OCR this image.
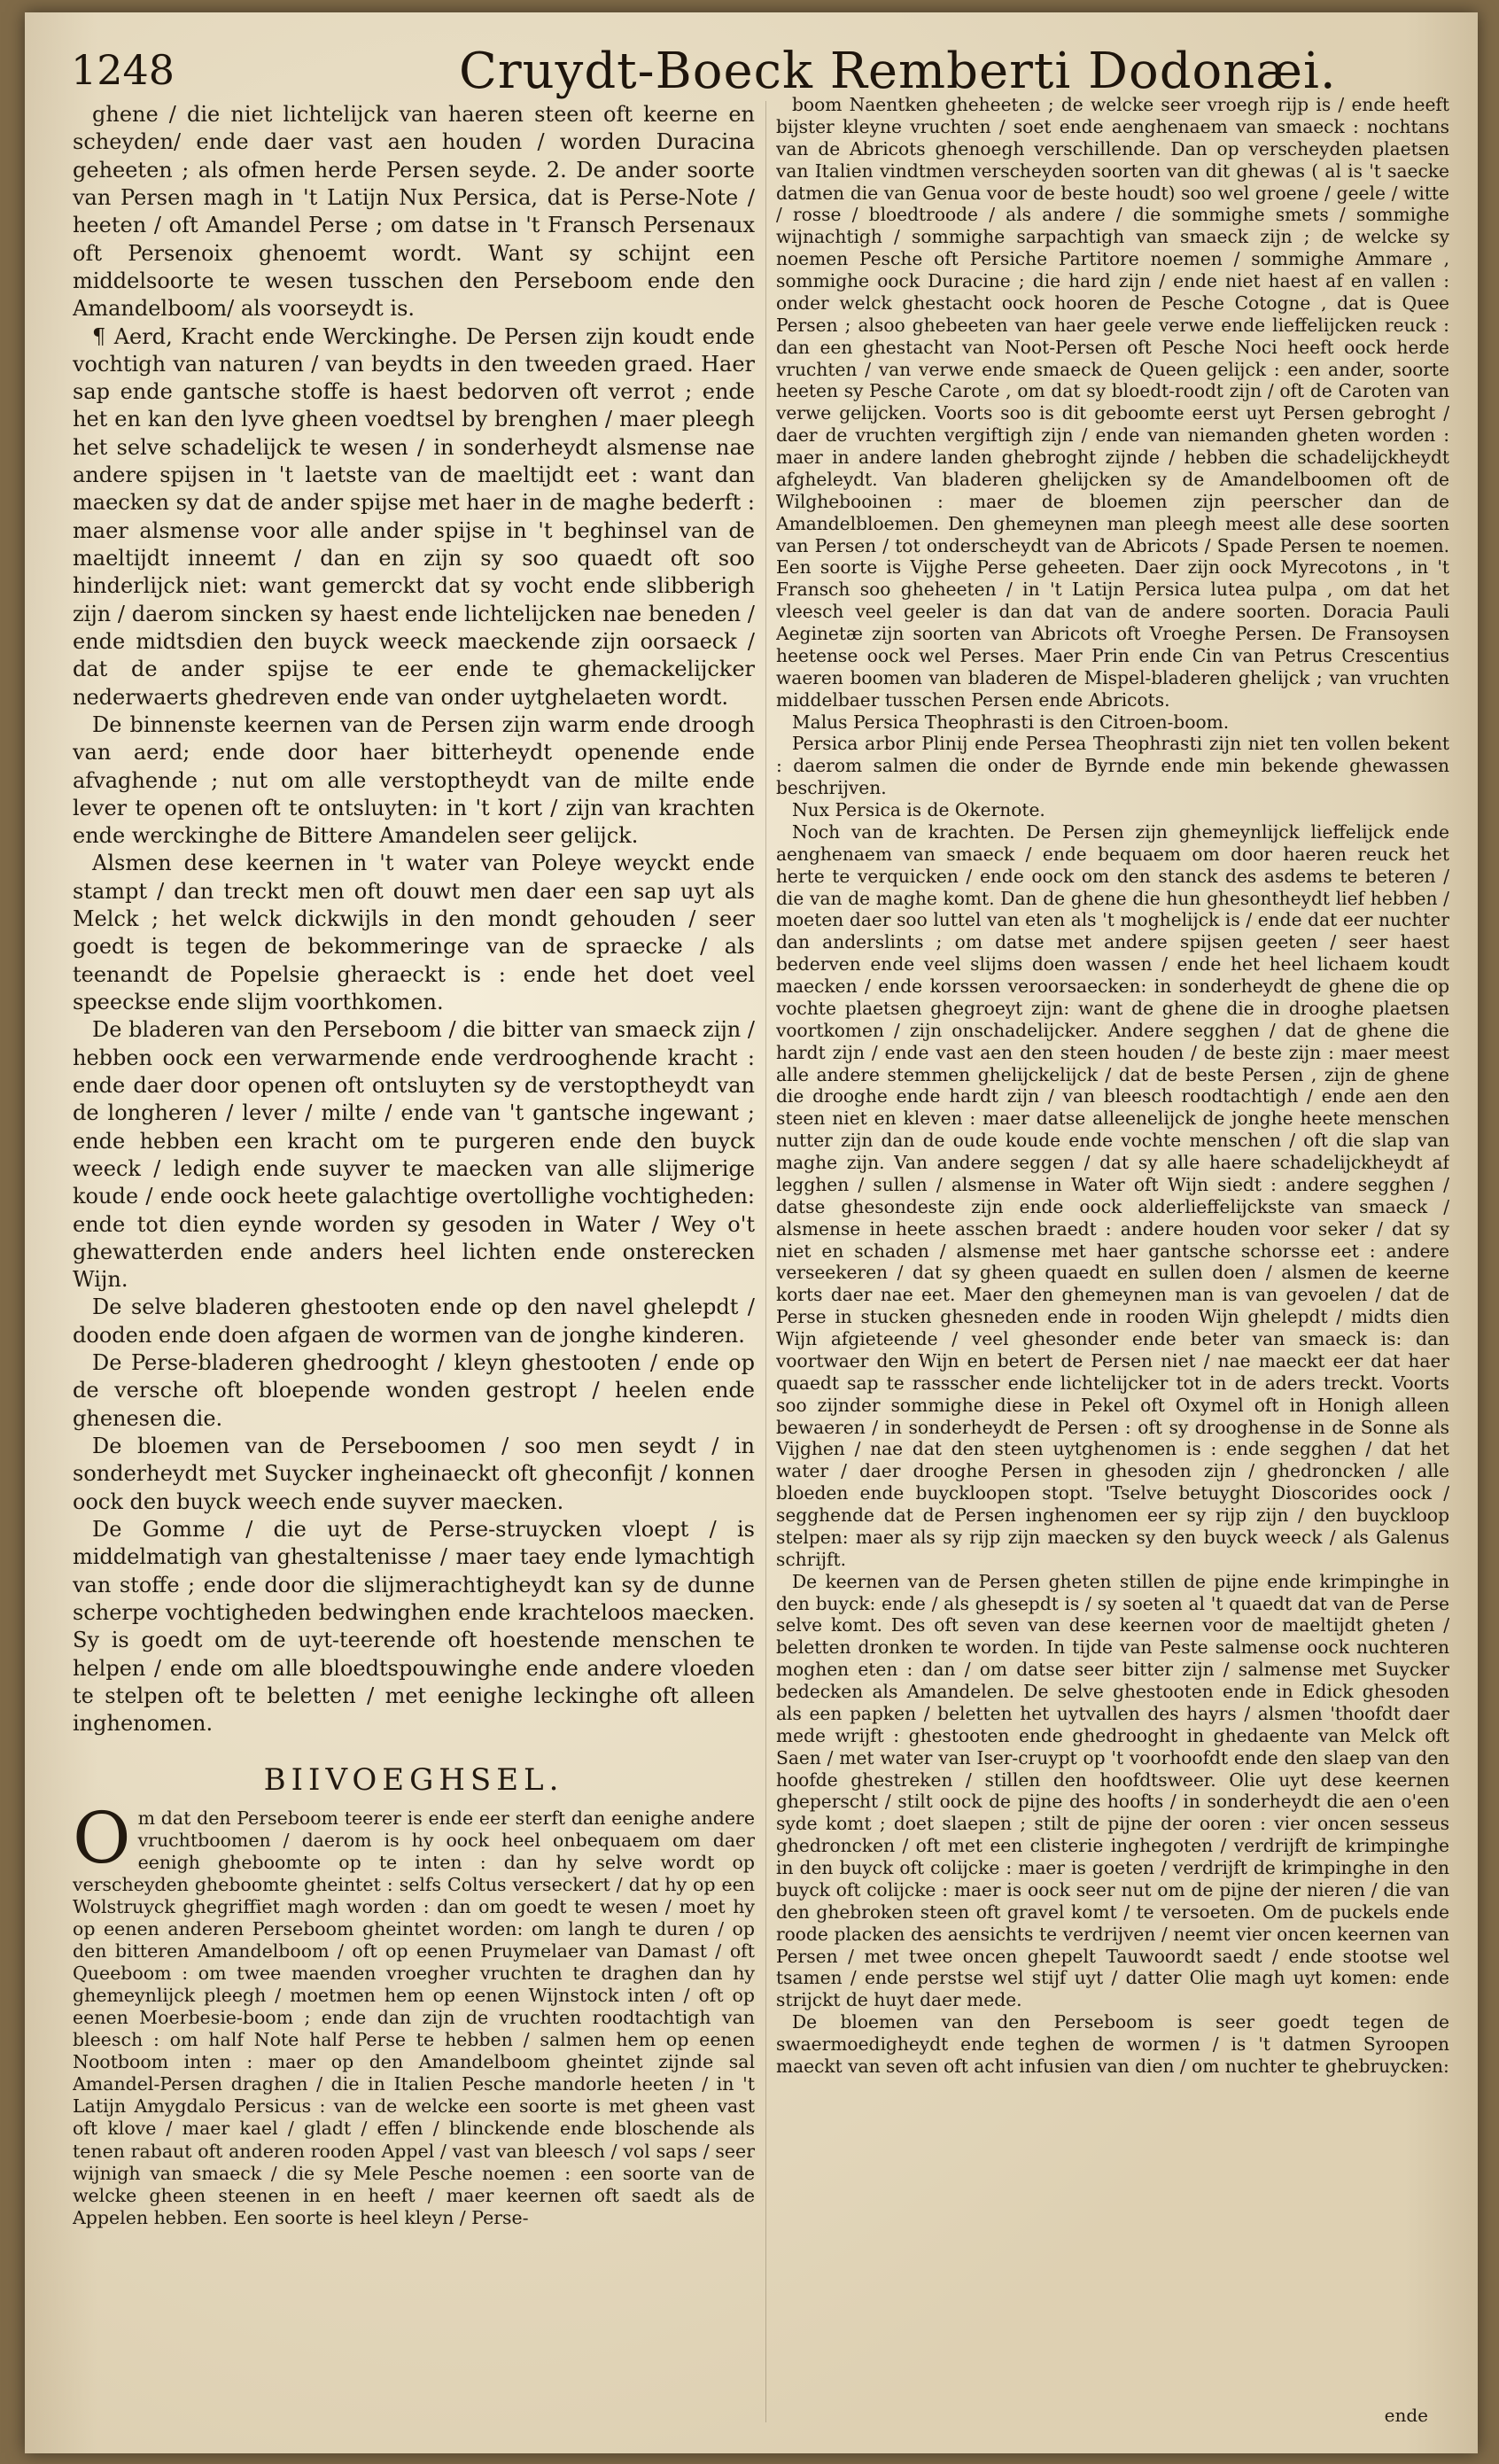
1248	Cruydt-Boeck Remberti Dodonæi.

ghene / die niet lichtelijck van haeren steen oft keerne en scheyden/ ende daer vast aen houden / worden Duracina geheeten ; als ofmen herde Persen seyde. 2. De ander soorte van Persen magh in 't Latijn Nux Persica, dat is Perse-Note / heeten / oft Amandel Perse ; om datse in 't Fransch Persenaux oft Persenoix ghenoemt wordt. Want sy schijnt een middelsoorte te wesen tusschen den Perseboom ende den Amandelboom/ als voorseydt is.

¶ Aerd, Kracht ende Werckinghe. De Persen zijn koudt ende vochtigh van naturen / van beydts in den tweeden graed. Haer sap ende gantsche stoffe is haest bedorven oft verrot ; ende het en kan den lyve gheen voedtsel by brenghen / maer pleegh het selve schadelijck te wesen / in sonderheydt alsmense nae andere spijsen in 't laetste van de maeltijdt eet : want dan maecken sy dat de ander spijse met haer in de maghe bederft : maer alsmense voor alle ander spijse in 't beghinsel van de maeltijdt inneemt / dan en zijn sy soo quaedt oft soo hinderlijck niet: want gemerckt dat sy vocht ende slibberigh zijn / daerom sincken sy haest ende lichtelijcken nae beneden / ende midtsdien den buyck weeck maeckende zijn oorsaeck / dat de ander spijse te eer ende te ghemackelijcker nederwaerts ghedreven ende van onder uytghelaeten wordt.

De binnenste keernen van de Persen zijn warm ende droogh van aerd; ende door haer bitterheydt openende ende afvaghende ; nut om alle verstoptheydt van de milte ende lever te openen oft te ontsluyten: in 't kort / zijn van krachten ende werckinghe de Bittere Amandelen seer gelijck.

Alsmen dese keernen in 't water van Poleye weyckt ende stampt / dan treckt men oft douwt men daer een sap uyt als Melck ; het welck dickwijls in den mondt gehouden / seer goedt is tegen de bekommeringe van de spraecke / als teenandt de Popelsie gheraeckt is : ende het doet veel speeckse ende slijm voorthkomen.

De bladeren van den Perseboom / die bitter van smaeck zijn / hebben oock een verwarmende ende verdrooghende kracht : ende daer door openen oft ontsluyten sy de verstoptheydt van de longheren / lever / milte / ende van 't gantsche ingewant ; ende hebben een kracht om te purgeren ende den buyck weeck / ledigh ende suyver te maecken van alle slijmerige koude / ende oock heete galachtige overtollighe vochtigheden: ende tot dien eynde worden sy gesoden in Water / Wey o't ghewatterden ende anders heel lichten ende onsterecken Wijn.

De selve bladeren ghestooten ende op den navel ghelepdt / dooden ende doen afgaen de wormen van de jonghe kinderen.

De Perse-bladeren ghedrooght / kleyn ghestooten / ende op de versche oft bloepende wonden gestropt / heelen ende ghenesen die.

De bloemen van de Perseboomen / soo men seydt / in sonderheydt met Suycker ingheinaeckt oft gheconfijt / konnen oock den buyck weech ende suyver maecken.

De Gomme / die uyt de Perse-struycken vloept / is middelmatigh van ghestaltenisse / maer taey ende lymachtigh van stoffe ; ende door die slijmerachtigheydt kan sy de dunne scherpe vochtigheden bedwinghen ende krachteloos maecken. Sy is goedt om de uyt-teerende oft hoestende menschen te helpen / ende om alle bloedtspouwinghe ende andere vloeden te stelpen oft te beletten / met eenighe leckinghe oft alleen inghenomen.

BIIVOEGHSEL.

Om dat den Perseboom teerer is ende eer sterft dan eenighe andere vruchtboomen / daerom is hy oock heel onbequaem om daer eenigh gheboomte op te inten : dan hy selve wordt op verscheyden gheboomte gheintet : selfs Coltus verseckert / dat hy op een Wolstruyck ghegriffiet magh worden : dan om goedt te wesen / moet hy op eenen anderen Perseboom gheintet worden: om langh te duren / op den bitteren Amandelboom / oft op eenen Pruymelaer van Damast / oft Queeboom : om twee maenden vroegher vruchten te draghen dan hy ghemeynlijck pleegh / moetmen hem op eenen Wijnstock inten / oft op eenen Moerbesie-boom ; ende dan zijn de vruchten roodtachtigh van bleesch : om half Note half Perse te hebben / salmen hem op eenen Nootboom inten : maer op den Amandelboom gheintet zijnde sal Amandel-Persen draghen / die in Italien Pesche mandorle heeten / in 't Latijn Amygdalo Persicus : van de welcke een soorte is met gheen vast oft klove / maer kael / gladt / effen / blinckende ende bloschende als tenen rabaut oft anderen rooden Appel / vast van bleesch / vol saps / seer wijnigh van smaeck / die sy Mele Pesche noemen : een soorte van de welcke gheen steenen in en heeft / maer keernen oft saedt als de Appelen hebben. Een soorte is heel kleyn / Perse-

boom Naentken gheheeten ; de welcke seer vroegh rijp is / ende heeft bijster kleyne vruchten / soet ende aenghenaem van smaeck : nochtans van de Abricots ghenoegh verschillende. Dan op verscheyden plaetsen van Italien vindtmen verscheyden soorten van dit ghewas ( al is 't saecke datmen die van Genua voor de beste houdt) soo wel groene / geele / witte / rosse / bloedtroode / als andere / die sommighe smets / sommighe wijnachtigh / sommighe sarpachtigh van smaeck zijn ; de welcke sy noemen Pesche oft Persiche Partitore noemen / sommighe Ammare , sommighe oock Duracine ; die hard zijn / ende niet haest af en vallen : onder welck ghestacht oock hooren de Pesche Cotogne , dat is Quee Persen ; alsoo ghebeeten van haer geele verwe ende lieffelijcken reuck : dan een ghestacht van Noot-Persen oft Pesche Noci heeft oock herde vruchten / van verwe ende smaeck de Queen gelijck : een ander, soorte heeten sy Pesche Carote , om dat sy bloedt-roodt zijn / oft de Caroten van verwe gelijcken. Voorts soo is dit geboomte eerst uyt Persen gebroght / daer de vruchten vergiftigh zijn / ende van niemanden gheten worden : maer in andere landen ghebroght zijnde / hebben die schadelijckheydt afgheleydt. Van bladeren ghelijcken sy de Amandelboomen oft de Wilghebooinen : maer de bloemen zijn peerscher dan de Amandelbloemen. Den ghemeynen man pleegh meest alle dese soorten van Persen / tot onderscheydt van de Abricots / Spade Persen te noemen. Een soorte is Vijghe Perse geheeten. Daer zijn oock Myrecotons , in 't Fransch soo gheheeten / in 't Latijn Persica lutea pulpa , om dat het vleesch veel geeler is dan dat van de andere soorten. Doracia Pauli Aeginetæ zijn soorten van Abricots oft Vroeghe Persen. De Fransoysen heetense oock wel Perses. Maer Prin ende Cin van Petrus Crescentius waeren boomen van bladeren de Mispel-bladeren ghelijck ; van vruchten middelbaer tusschen Persen ende Abricots.

Malus Persica Theophrasti is den Citroen-boom.

Persica arbor Plinij ende Persea Theophrasti zijn niet ten vollen bekent : daerom salmen die onder de Byrnde ende min bekende ghewassen beschrijven.

Nux Persica is de Okernote.

Noch van de krachten. De Persen zijn ghemeynlijck lieffelijck ende aenghenaem van smaeck / ende bequaem om door haeren reuck het herte te verquicken / ende oock om den stanck des asdems te beteren / die van de maghe komt. Dan de ghene die hun ghesontheydt lief hebben / moeten daer soo luttel van eten als 't moghelijck is / ende dat eer nuchter dan anderslints ; om datse met andere spijsen geeten / seer haest bederven ende veel slijms doen wassen / ende het heel lichaem koudt maecken / ende korssen veroorsaecken: in sonderheydt de ghene die op vochte plaetsen ghegroeyt zijn: want de ghene die in drooghe plaetsen voortkomen / zijn onschadelijcker. Andere segghen / dat de ghene die hardt zijn / ende vast aen den steen houden / de beste zijn : maer meest alle andere stemmen ghelijckelijck / dat de beste Persen , zijn de ghene die drooghe ende hardt zijn / van bleesch roodtachtigh / ende aen den steen niet en kleven : maer datse alleenelijck de jonghe heete menschen nutter zijn dan de oude koude ende vochte menschen / oft die slap van maghe zijn. Van andere seggen / dat sy alle haere schadelijckheydt af legghen / sullen / alsmense in Water oft Wijn siedt : andere segghen / datse ghesondeste zijn ende oock alderlieffelijckste van smaeck / alsmense in heete asschen braedt : andere houden voor seker / dat sy niet en schaden / alsmense met haer gantsche schorsse eet : andere verseekeren / dat sy gheen quaedt en sullen doen / alsmen de keerne korts daer nae eet. Maer den ghemeynen man is van gevoelen / dat de Perse in stucken ghesneden ende in rooden Wijn ghelepdt / midts dien Wijn afgieteende / veel ghesonder ende beter van smaeck is: dan voortwaer den Wijn en betert de Persen niet / nae maeckt eer dat haer quaedt sap te rassscher ende lichtelijcker tot in de aders treckt. Voorts soo zijnder sommighe diese in Pekel oft Oxymel oft in Honigh alleen bewaeren / in sonderheydt de Persen : oft sy drooghense in de Sonne als Vijghen / nae dat den steen uytghenomen is : ende segghen / dat het water / daer drooghe Persen in ghesoden zijn / ghedroncken / alle bloeden ende buyckloopen stopt. 'Tselve betuyght Dioscorides oock / segghende dat de Persen inghenomen eer sy rijp zijn / den buyckloop stelpen: maer als sy rijp zijn maecken sy den buyck weeck / als Galenus schrijft.

De keernen van de Persen gheten stillen de pijne ende krimpinghe in den buyck: ende / als ghesepdt is / sy soeten al 't quaedt dat van de Perse selve komt. Des oft seven van dese keernen voor de maeltijdt gheten / beletten dronken te worden. In tijde van Peste salmense oock nuchteren moghen eten : dan / om datse seer bitter zijn / salmense met Suycker bedecken als Amandelen. De selve ghestooten ende in Edick ghesoden als een papken / beletten het uytvallen des hayrs / alsmen 'thoofdt daer mede wrijft : ghestooten ende ghedrooght in ghedaente van Melck oft Saen / met water van Iser-cruypt op 't voorhoofdt ende den slaep van den hoofde ghestreken / stillen den hoofdtsweer. Olie uyt dese keernen gheperscht / stilt oock de pijne des hoofts / in sonderheydt die aen o'een syde komt ; doet slaepen ; stilt de pijne der ooren : vier oncen sesseus ghedroncken / oft met een clisterie inghegoten / verdrijft de krimpinghe in den buyck oft colijcke : maer is goeten / verdrijft de krimpinghe in den buyck oft colijcke : maer is oock seer nut om de pijne der nieren / die van den ghebroken steen oft gravel komt / te versoeten. Om de puckels ende roode placken des aensichts te verdrijven / neemt vier oncen keernen van Persen / met twee oncen ghepelt Tauwoordt saedt / ende stootse wel tsamen / ende perstse wel stijf uyt / datter Olie magh uyt komen: ende strijckt de huyt daer mede.

De bloemen van den Perseboom is seer goedt tegen de swaermoedigheydt ende teghen de wormen / is 't datmen Syroopen maeckt van seven oft acht infusien van dien / om nuchter te ghebruycken:

ende
